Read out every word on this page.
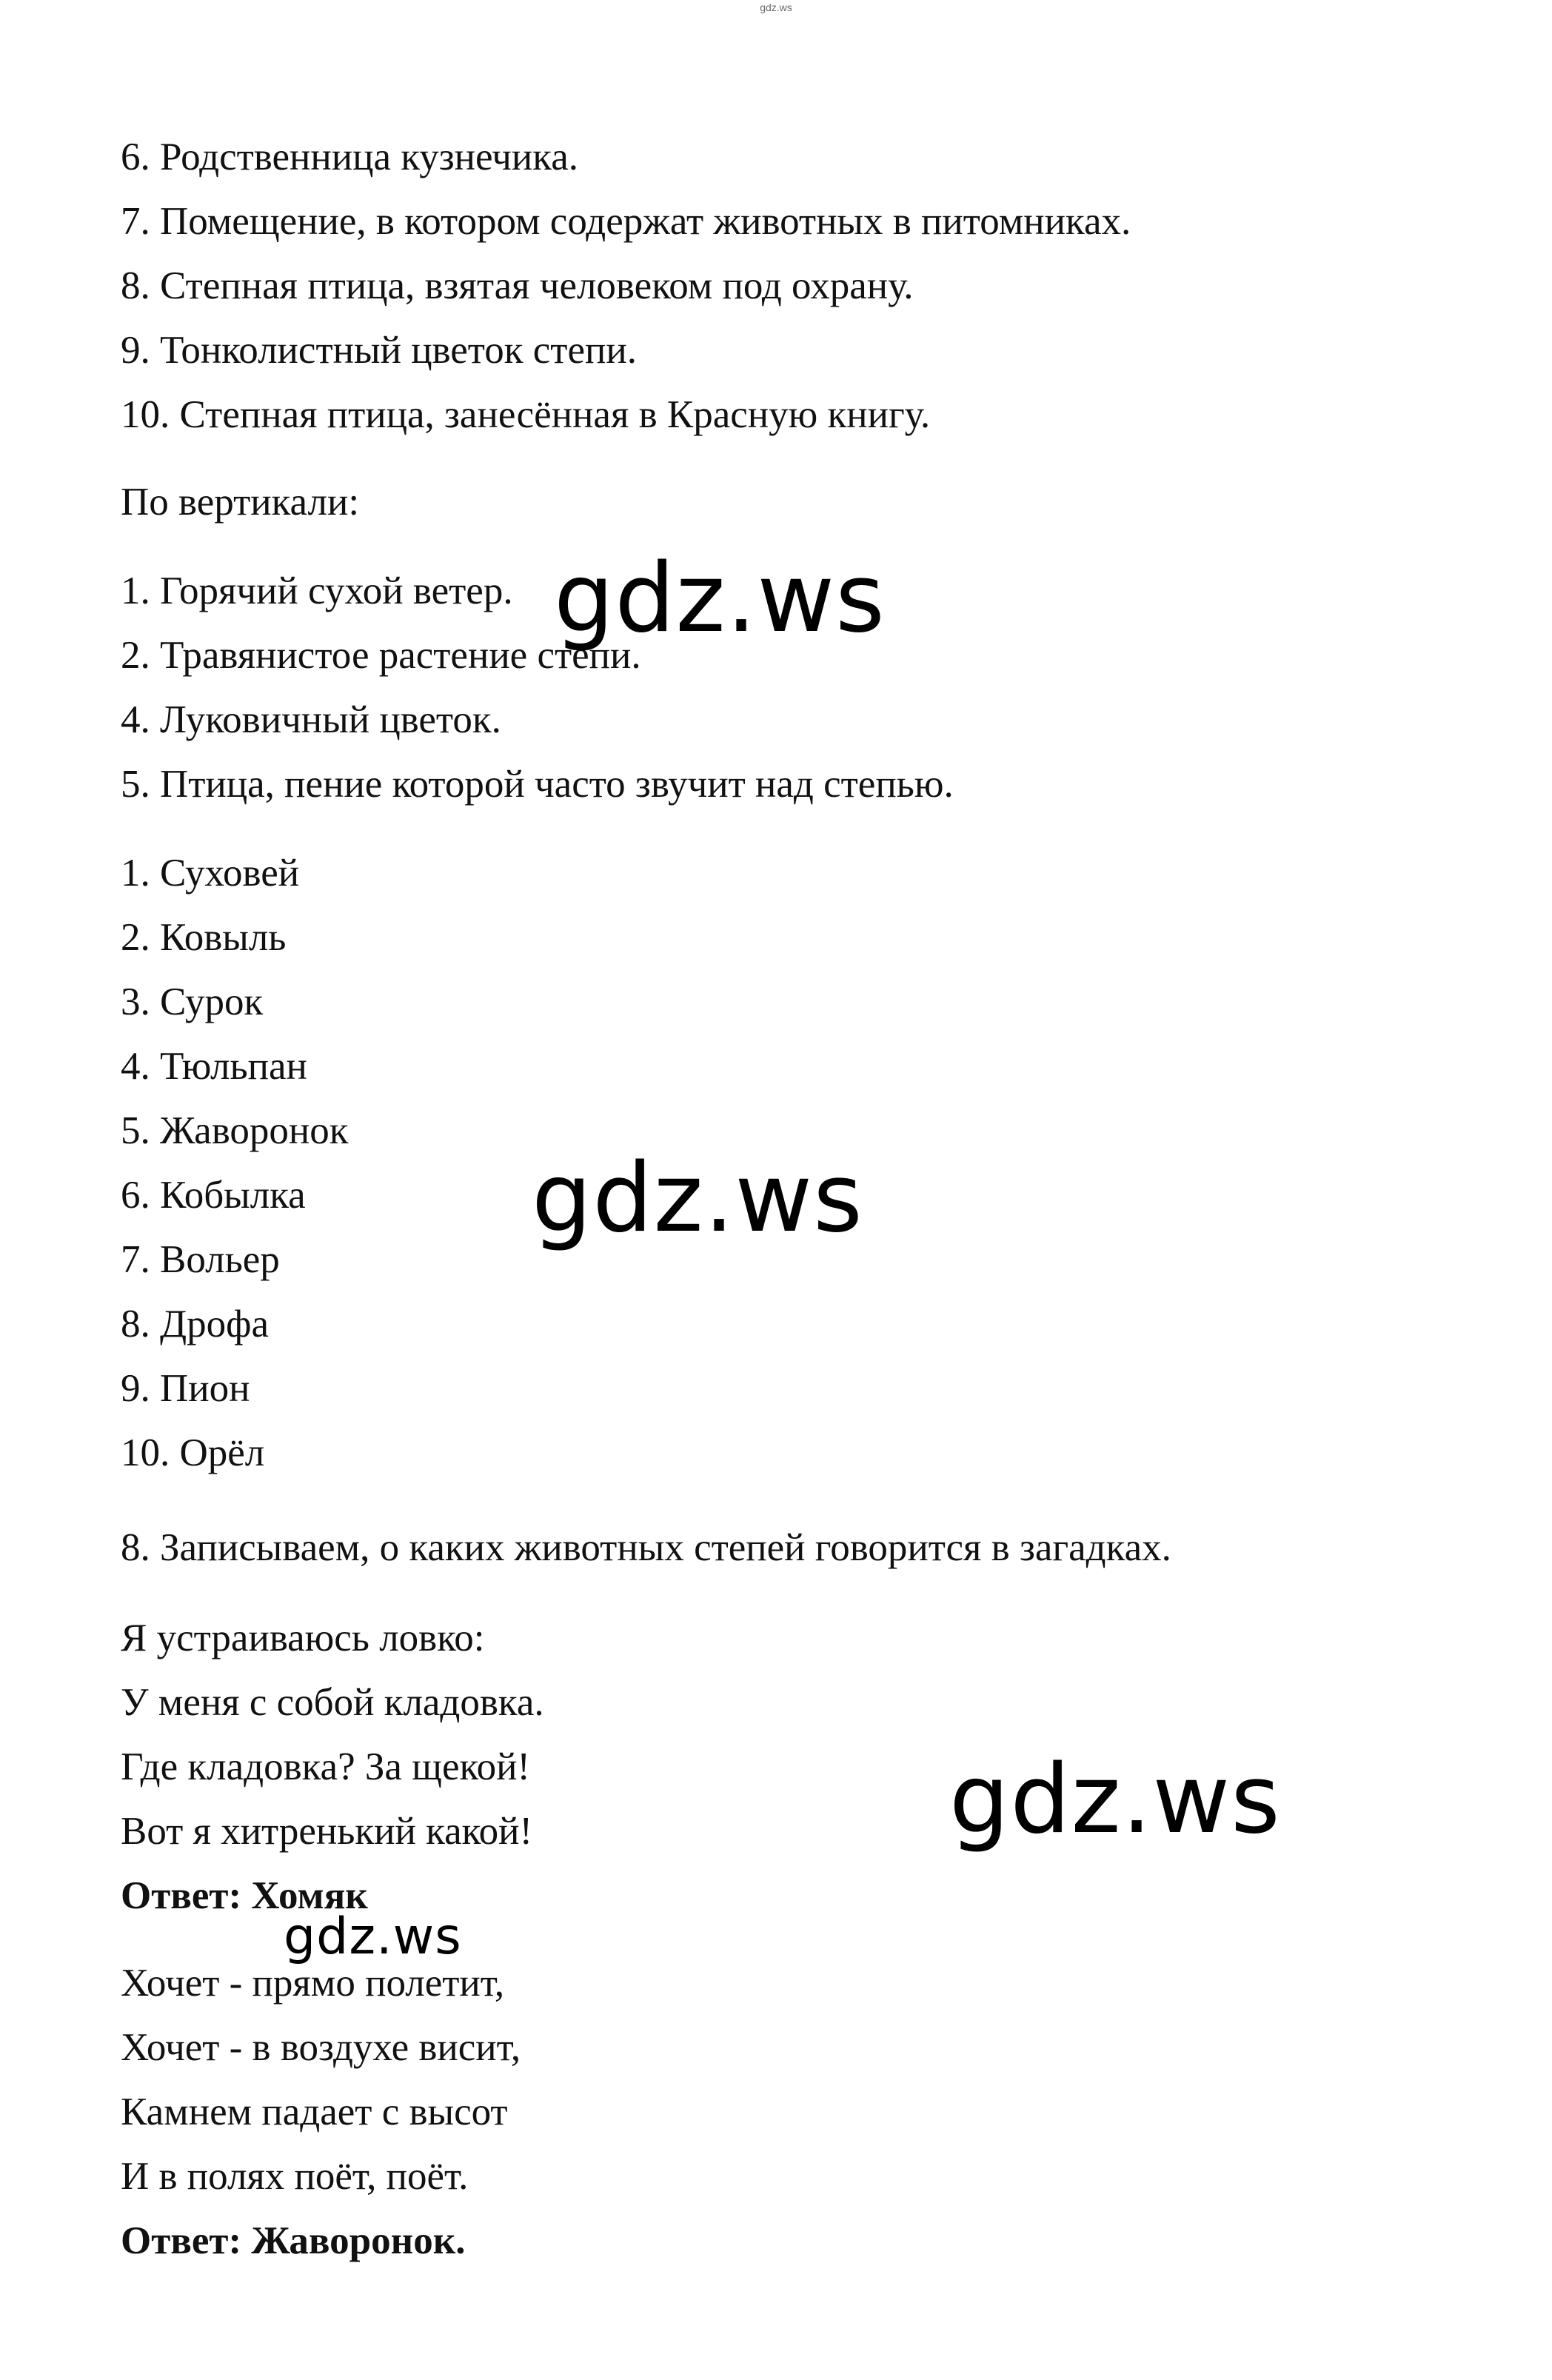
gdz.ws
6. Родственница кузнечика.
7. Помещение, в котором содержат животных в питомниках.
8. Степная птица, взятая человеком под охрану.
9. Тонколистный цветок степи.
10. Степная птица, занесённая в Красную книгу.
По вертикали:
1. Горячий сухой ветер.
2. Травянистое растение степи.
4. Луковичный цветок.
5. Птица, пение которой часто звучит над степью.
1. Суховей
2. Ковыль
3. Сурок
4. Тюльпан
5. Жаворонок
6. Кобылка
7. Вольер
8. Дрофа
9. Пион
10. Орёл
8. Записываем, о каких животных степей говорится в загадках.
Я устраиваюсь ловко:
У меня с собой кладовка.
Где кладовка? За щекой!
Вот я хитренький какой!
Ответ: Хомяк
Хочет - прямо полетит,
Хочет - в воздухе висит,
Камнем падает с высот
И в полях поёт, поёт.
Ответ: Жаворонок.
gdz.ws
gdz.ws
gdz.ws
gdz.ws
